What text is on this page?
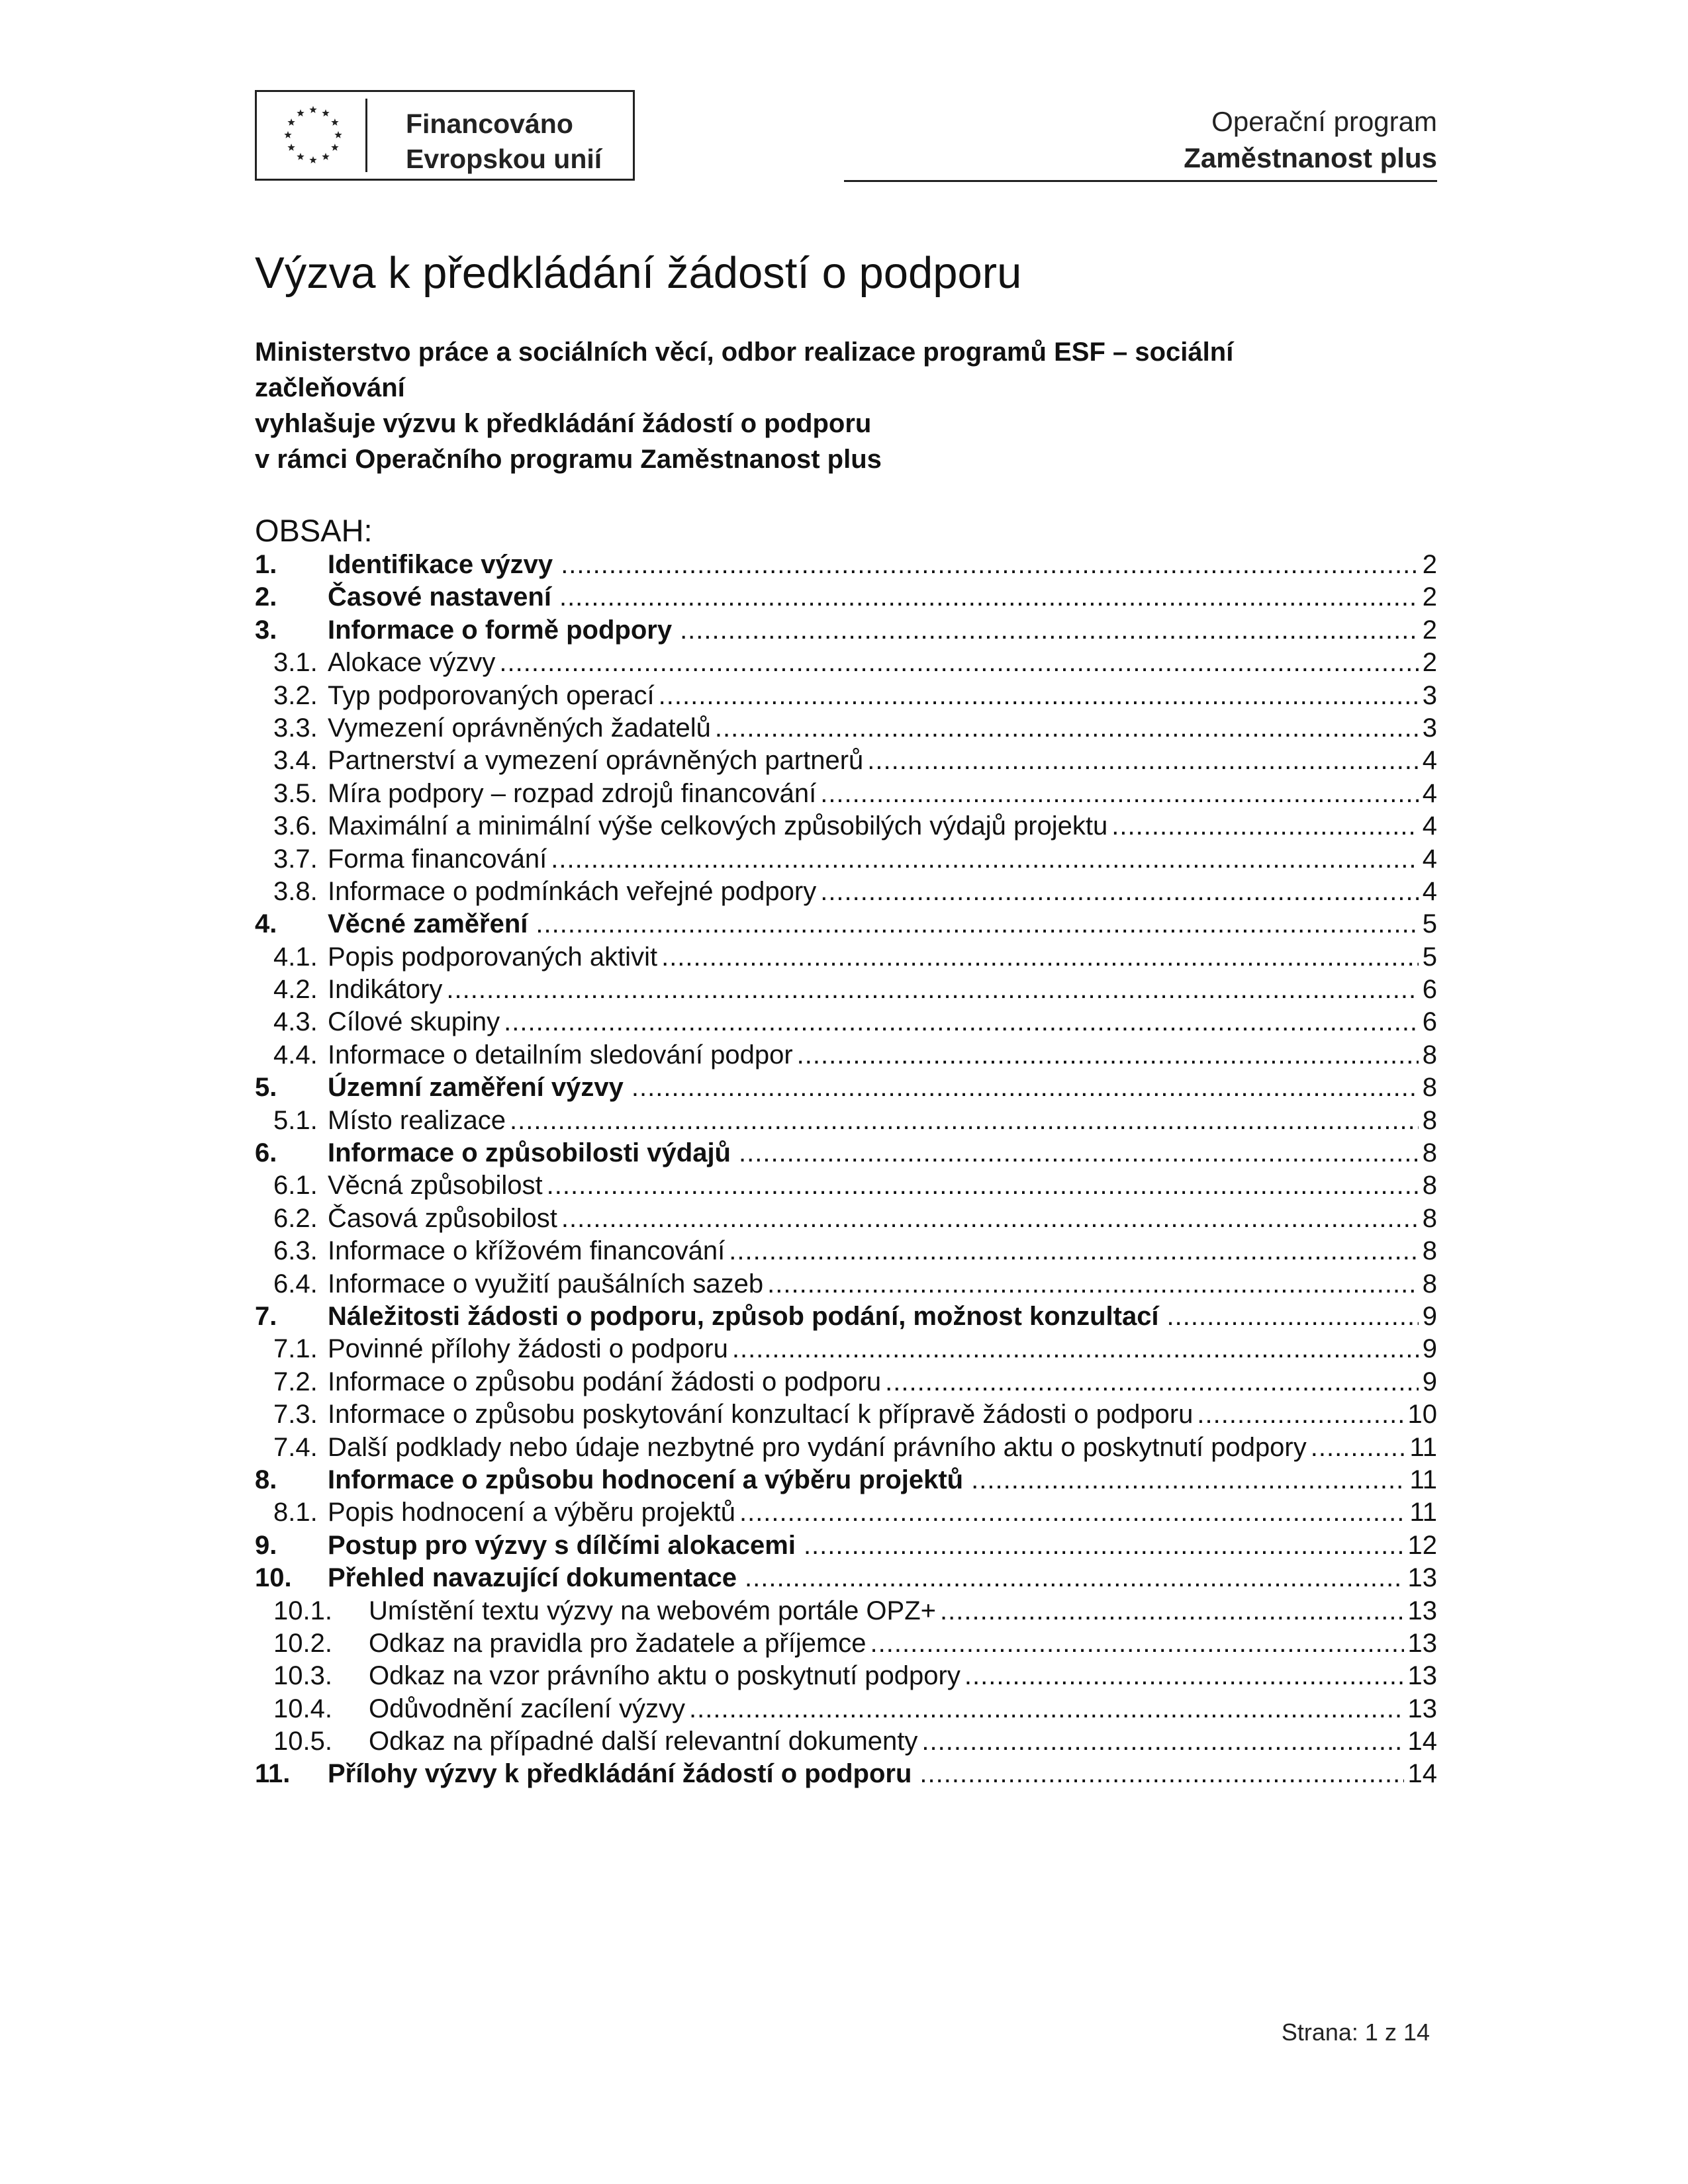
Financováno
Evropskou unií
Operační program
Zaměstnanost plus
Výzva k předkládání žádostí o podporu
Ministerstvo práce a sociálních věcí, odbor realizace programů ESF – sociální začleňování
vyhlašuje výzvu k předkládání žádostí o podporu
v rámci Operačního programu Zaměstnanost plus
OBSAH:
1.	Identifikace výzvy .....	2
2.	Časové nastavení .....	2
3.	Informace o formě podpory .....	2
3.1. Alokace výzvy .....	2
3.2. Typ podporovaných operací .....	3
3.3. Vymezení oprávněných žadatelů .....	3
3.4. Partnerství a vymezení oprávněných partnerů .....	4
3.5. Míra podpory – rozpad zdrojů financování .....	4
3.6. Maximální a minimální výše celkových způsobilých výdajů projektu .....	4
3.7. Forma financování .....	4
3.8. Informace o podmínkách veřejné podpory .....	4
4.	Věcné zaměření .....	5
4.1. Popis podporovaných aktivit .....	5
4.2. Indikátory .....	6
4.3. Cílové skupiny .....	6
4.4. Informace o detailním sledování podpor .....	8
5.	Územní zaměření výzvy .....	8
5.1. Místo realizace .....	8
6.	Informace o způsobilosti výdajů .....	8
6.1. Věcná způsobilost .....	8
6.2. Časová způsobilost .....	8
6.3. Informace o křížovém financování .....	8
6.4. Informace o využití paušálních sazeb .....	8
7.	Náležitosti žádosti o podporu, způsob podání, možnost konzultací .....	9
7.1. Povinné přílohy žádosti o podporu .....	9
7.2. Informace o způsobu podání žádosti o podporu .....	9
7.3. Informace o způsobu poskytování konzultací k přípravě žádosti o podporu .....	10
7.4. Další podklady nebo údaje nezbytné pro vydání právního aktu o poskytnutí podpory .....	11
8.	Informace o způsobu hodnocení a výběru projektů .....	11
8.1. Popis hodnocení a výběru projektů .....	11
9.	Postup pro výzvy s dílčími alokacemi .....	12
10.	Přehled navazující dokumentace .....	13
10.1.	Umístění textu výzvy na webovém portále OPZ+ .....	13
10.2.	Odkaz na pravidla pro žadatele a příjemce .....	13
10.3.	Odkaz na vzor právního aktu o poskytnutí podpory .....	13
10.4.	Odůvodnění zacílení výzvy .....	13
10.5.	Odkaz na případné další relevantní dokumenty .....	14
11.	Přílohy výzvy k předkládání žádostí o podporu .....	14
Strana: 1 z 14
